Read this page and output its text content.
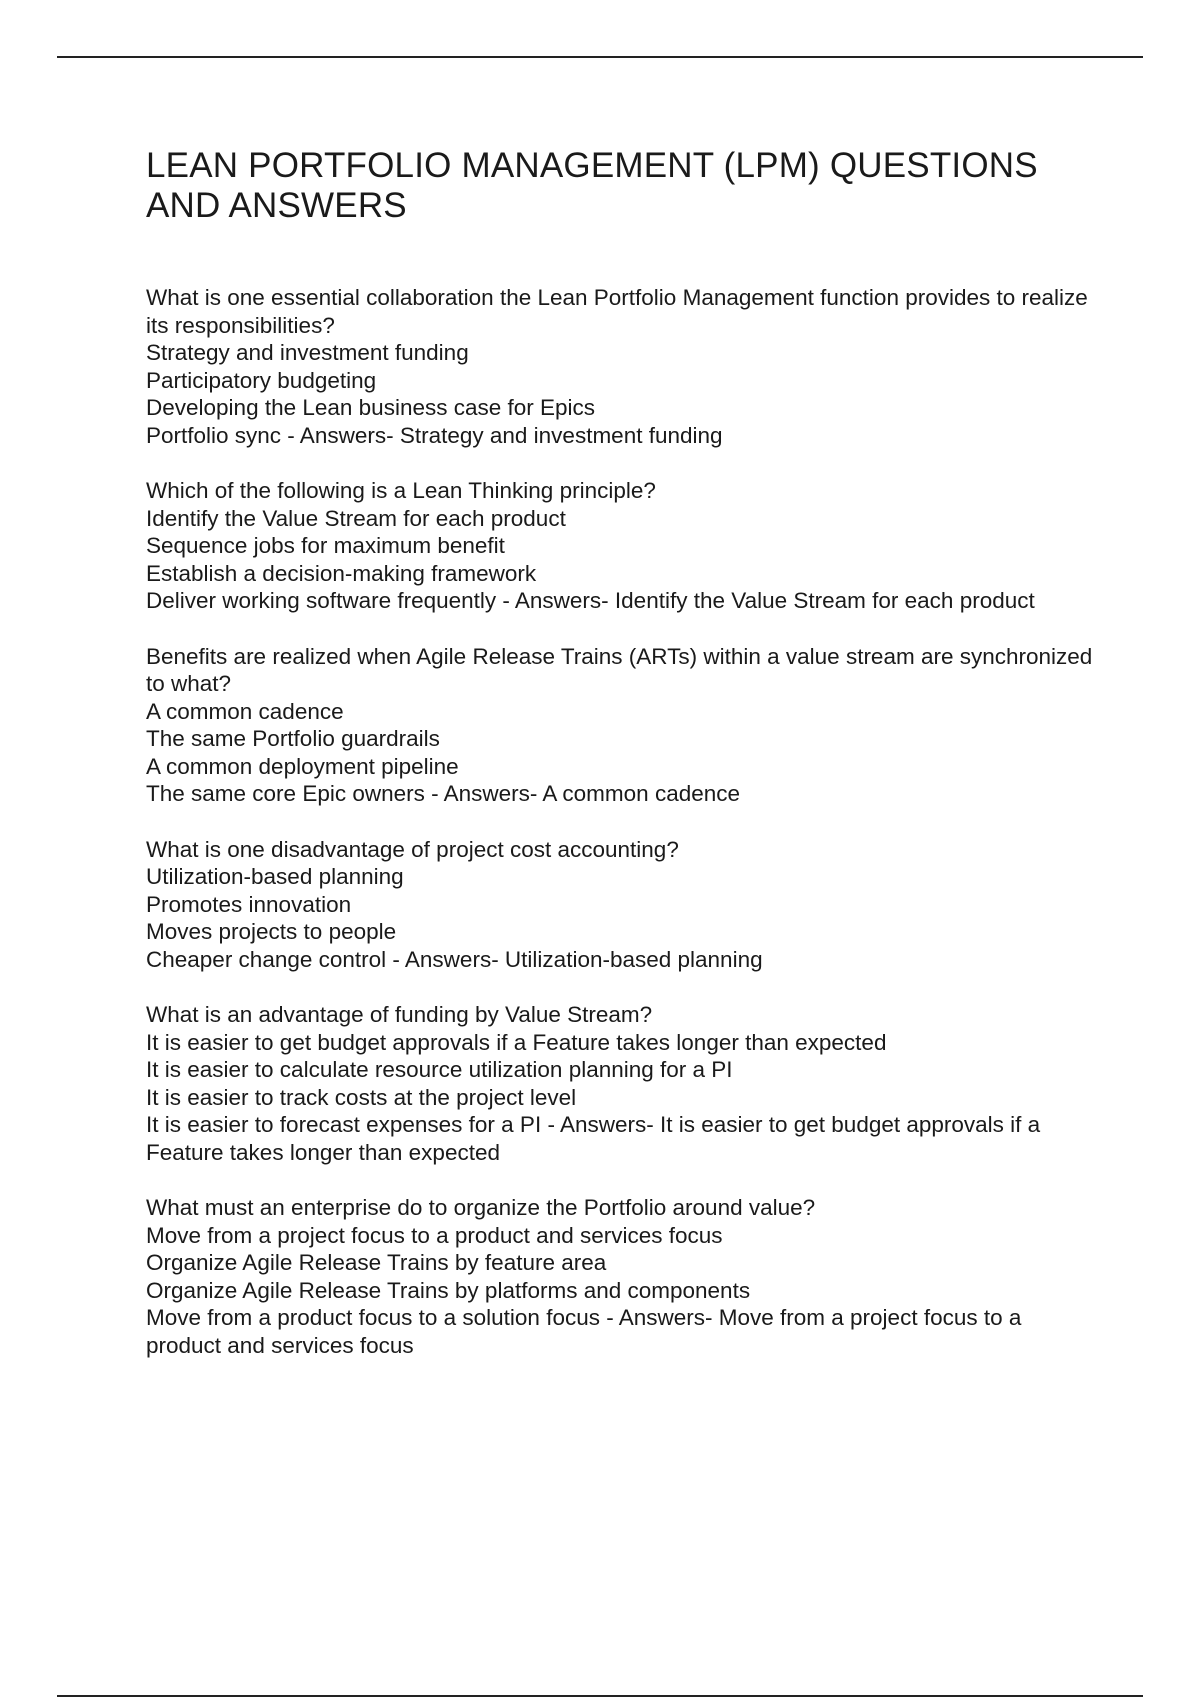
LEAN PORTFOLIO MANAGEMENT (LPM) QUESTIONS AND ANSWERS
What is one essential collaboration the Lean Portfolio Management function provides to realize its responsibilities?
Strategy and investment funding
Participatory budgeting
Developing the Lean business case for Epics
Portfolio sync - Answers- Strategy and investment funding
Which of the following is a Lean Thinking principle?
Identify the Value Stream for each product
Sequence jobs for maximum benefit
Establish a decision-making framework
Deliver working software frequently - Answers- Identify the Value Stream for each product
Benefits are realized when Agile Release Trains (ARTs) within a value stream are synchronized to what?
A common cadence
The same Portfolio guardrails
A common deployment pipeline
The same core Epic owners - Answers- A common cadence
What is one disadvantage of project cost accounting?
Utilization-based planning
Promotes innovation
Moves projects to people
Cheaper change control - Answers- Utilization-based planning
What is an advantage of funding by Value Stream?
It is easier to get budget approvals if a Feature takes longer than expected
It is easier to calculate resource utilization planning for a PI
It is easier to track costs at the project level
It is easier to forecast expenses for a PI - Answers- It is easier to get budget approvals if a Feature takes longer than expected
What must an enterprise do to organize the Portfolio around value?
Move from a project focus to a product and services focus
Organize Agile Release Trains by feature area
Organize Agile Release Trains by platforms and components
Move from a product focus to a solution focus - Answers- Move from a project focus to a product and services focus
